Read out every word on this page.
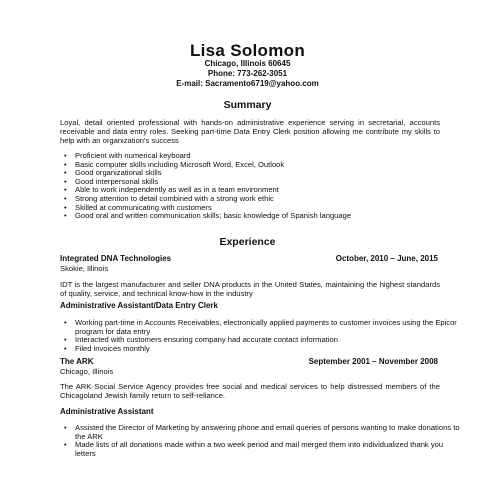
Lisa Solomon
Chicago, Illinois 60645
Phone: 773-262-3051
E-mail: Sacramento6719@yahoo.com
Summary

Loyal, detail oriented professional with hands-on administrative experience serving in secretarial, accounts receivable and data entry roles. Seeking part-time Data Entry Clerk position allowing me contribute my skills to help with an organization's success

• Proficient with numerical keyboard
• Basic computer skills including Microsoft Word, Excel, Outlook
• Good organizational skills
• Good interpersonal skills
• Able to work independently as well as in a team environment
• Strong attention to detail combined with a strong work ethic
• Skilled at communicating with customers
• Good oral and written communication skills; basic knowledge of Spanish language
Experience
Integrated DNA Technologies	October, 2010 – June, 2015
Skokie, Illinois

IDT is the largest manufacturer and seller DNA products in the United States, maintaining the highest standards of quality, service, and technical know-how in the industry

Administrative Assistant/Data Entry Clerk
• Working part-time in Accounts Receivables, electronically applied payments to customer invoices using the Epicor program for data entry
• Interacted with customers ensuring company had accurate contact information
• Filed invoices monthly
The ARK	September 2001 – November 2008
Chicago, Illinois

The ARK Social Service Agency provides free social and medical services to help distressed members of the Chicagoland Jewish family return to self-reliance.

Administrative Assistant
• Assisted the Director of Marketing by answering phone and email queries of persons wanting to make donations to the ARK
• Made lists of all donations made within a two week period and mail merged them into individualized thank you letters
